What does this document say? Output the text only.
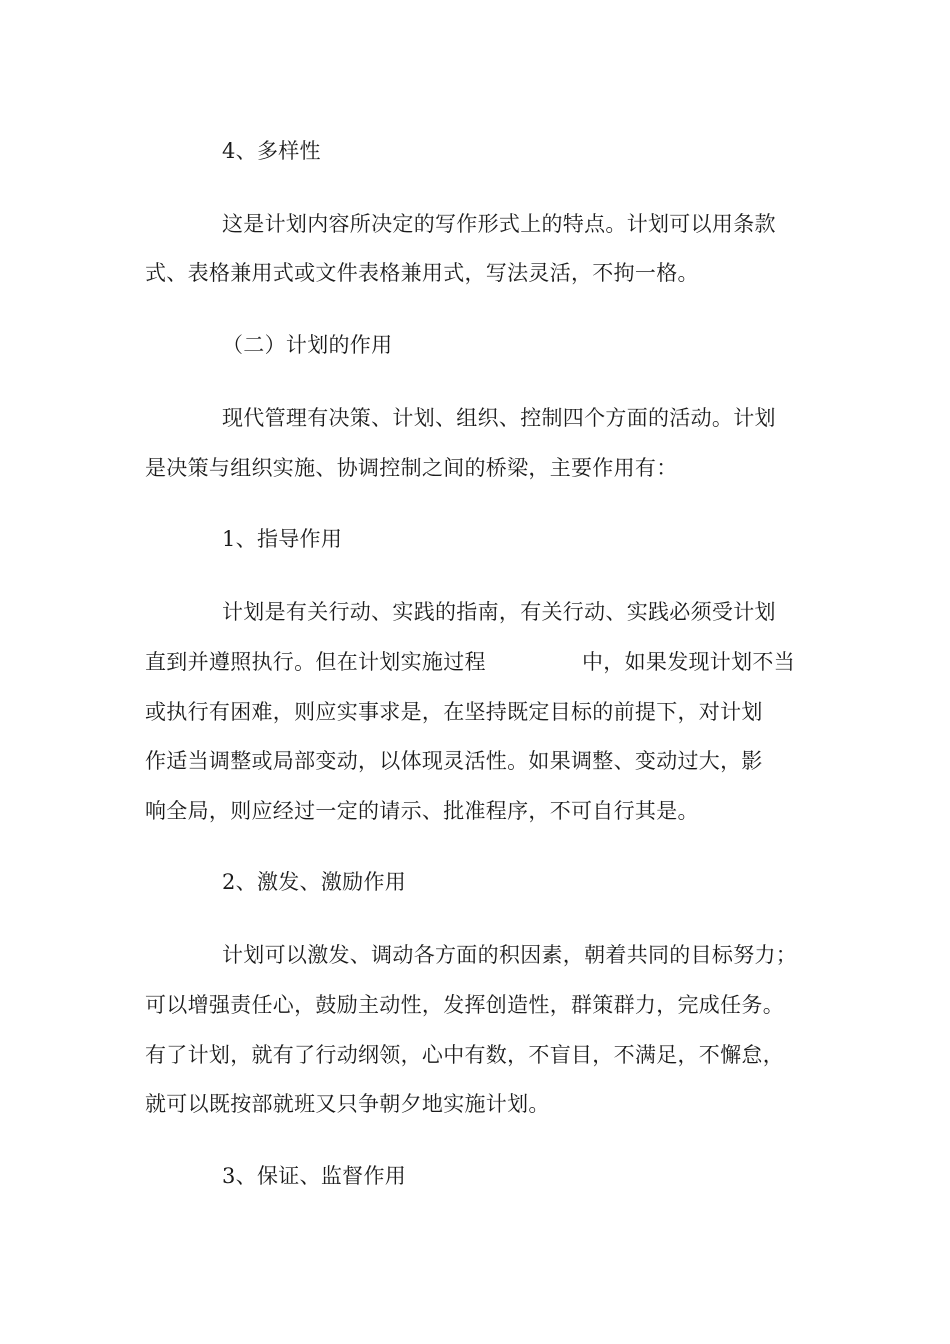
4、多样性
这是计划内容所决定的写作形式上的特点。计划可以用条款
式、表格兼用式或文件表格兼用式，写法灵活，不拘一格。
（二）计划的作用
现代管理有决策、计划、组织、控制四个方面的活动。计划
是决策与组织实施、协调控制之间的桥梁，主要作用有：
1、指导作用
计划是有关行动、实践的指南，有关行动、实践必须受计划
直到并遵照执行。但在计划实施过程	中，如果发现计划不当
或执行有困难，则应实事求是，在坚持既定目标的前提下，对计划
作适当调整或局部变动，以体现灵活性。如果调整、变动过大，影
响全局，则应经过一定的请示、批准程序，不可自行其是。
2、激发、激励作用
计划可以激发、调动各方面的积因素，朝着共同的目标努力；
可以增强责任心，鼓励主动性，发挥创造性，群策群力，完成任务。
有了计划，就有了行动纲领，心中有数，不盲目，不满足，不懈怠，
就可以既按部就班又只争朝夕地实施计划。
3、保证、监督作用
